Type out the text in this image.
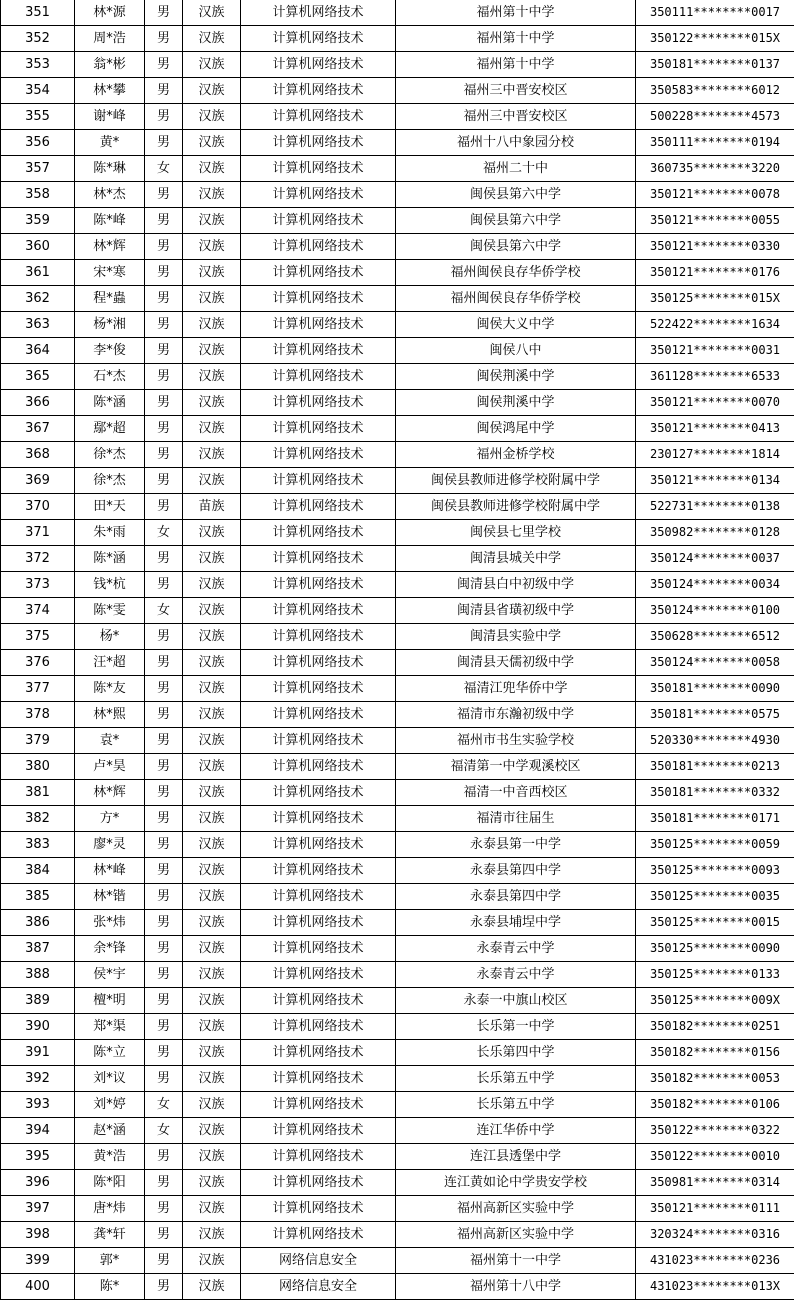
351	林*源	男	汉族	计算机网络技术	福州第十中学	350111********0017
352	周*浩	男	汉族	计算机网络技术	福州第十中学	350122********015X
353	翁*彬	男	汉族	计算机网络技术	福州第十中学	350181********0137
354	林*攀	男	汉族	计算机网络技术	福州三中晋安校区	350583********6012
355	谢*峰	男	汉族	计算机网络技术	福州三中晋安校区	500228********4573
356	黄*	男	汉族	计算机网络技术	福州十八中象园分校	350111********0194
357	陈*琳	女	汉族	计算机网络技术	福州二十中	360735********3220
358	林*杰	男	汉族	计算机网络技术	闽侯县第六中学	350121********0078
359	陈*峰	男	汉族	计算机网络技术	闽侯县第六中学	350121********0055
360	林*辉	男	汉族	计算机网络技术	闽侯县第六中学	350121********0330
361	宋*寒	男	汉族	计算机网络技术	福州闽侯良存华侨学校	350121********0176
362	程*蟲	男	汉族	计算机网络技术	福州闽侯良存华侨学校	350125********015X
363	杨*湘	男	汉族	计算机网络技术	闽侯大义中学	522422********1634
364	李*俊	男	汉族	计算机网络技术	闽侯八中	350121********0031
365	石*杰	男	汉族	计算机网络技术	闽侯荆溪中学	361128********6533
366	陈*涵	男	汉族	计算机网络技术	闽侯荆溪中学	350121********0070
367	鄢*超	男	汉族	计算机网络技术	闽侯鸿尾中学	350121********0413
368	徐*杰	男	汉族	计算机网络技术	福州金桥学校	230127********1814
369	徐*杰	男	汉族	计算机网络技术	闽侯县教师进修学校附属中学	350121********0134
370	田*天	男	苗族	计算机网络技术	闽侯县教师进修学校附属中学	522731********0138
371	朱*雨	女	汉族	计算机网络技术	闽侯县七里学校	350982********0128
372	陈*涵	男	汉族	计算机网络技术	闽清县城关中学	350124********0037
373	钱*杭	男	汉族	计算机网络技术	闽清县白中初级中学	350124********0034
374	陈*雯	女	汉族	计算机网络技术	闽清县省璜初级中学	350124********0100
375	杨*	男	汉族	计算机网络技术	闽清县实验中学	350628********6512
376	汪*超	男	汉族	计算机网络技术	闽清县天儒初级中学	350124********0058
377	陈*友	男	汉族	计算机网络技术	福清江兜华侨中学	350181********0090
378	林*熙	男	汉族	计算机网络技术	福清市东瀚初级中学	350181********0575
379	袁*	男	汉族	计算机网络技术	福州市书生实验学校	520330********4930
380	卢*昊	男	汉族	计算机网络技术	福清第一中学观溪校区	350181********0213
381	林*辉	男	汉族	计算机网络技术	福清一中音西校区	350181********0332
382	方*	男	汉族	计算机网络技术	福清市往届生	350181********0171
383	廖*灵	男	汉族	计算机网络技术	永泰县第一中学	350125********0059
384	林*峰	男	汉族	计算机网络技术	永泰县第四中学	350125********0093
385	林*锴	男	汉族	计算机网络技术	永泰县第四中学	350125********0035
386	张*炜	男	汉族	计算机网络技术	永泰县埔埕中学	350125********0015
387	余*锋	男	汉族	计算机网络技术	永泰青云中学	350125********0090
388	侯*宇	男	汉族	计算机网络技术	永泰青云中学	350125********0133
389	檀*明	男	汉族	计算机网络技术	永泰一中旗山校区	350125********009X
390	郑*渠	男	汉族	计算机网络技术	长乐第一中学	350182********0251
391	陈*立	男	汉族	计算机网络技术	长乐第四中学	350182********0156
392	刘*议	男	汉族	计算机网络技术	长乐第五中学	350182********0053
393	刘*婷	女	汉族	计算机网络技术	长乐第五中学	350182********0106
394	赵*涵	女	汉族	计算机网络技术	连江华侨中学	350122********0322
395	黄*浩	男	汉族	计算机网络技术	连江县透堡中学	350122********0010
396	陈*阳	男	汉族	计算机网络技术	连江黄如论中学贵安学校	350981********0314
397	唐*炜	男	汉族	计算机网络技术	福州高新区实验中学	350121********0111
398	龚*轩	男	汉族	计算机网络技术	福州高新区实验中学	320324********0316
399	郭*	男	汉族	网络信息安全	福州第十一中学	431023********0236
400	陈*	男	汉族	网络信息安全	福州第十八中学	431023********013X
